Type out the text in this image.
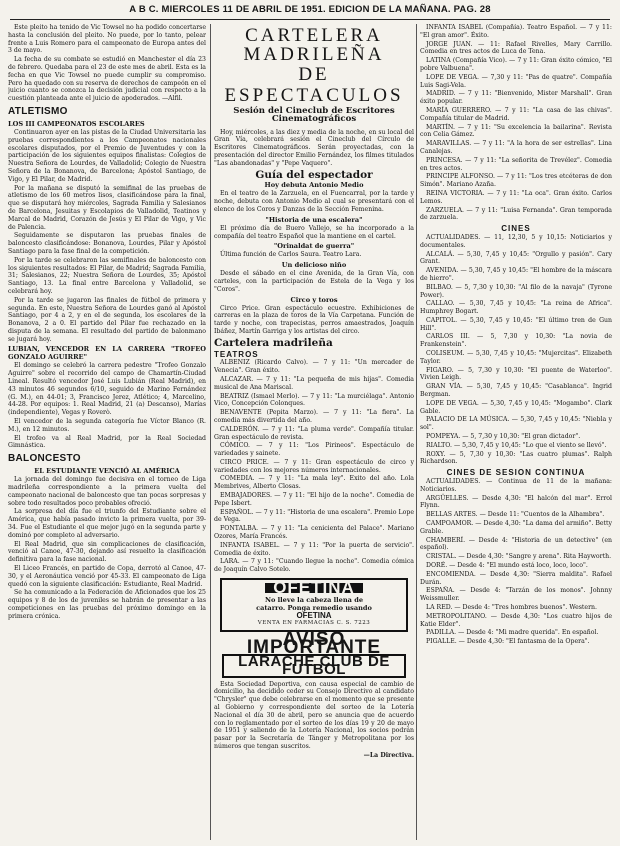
A B C. MIERCOLES 11 DE ABRIL DE 1951. EDICION DE LA MAÑANA. PAG. 28

Este pleito ha tenido de Vic Towsel no ha podido concertarse hasta la conclusión del pleito. No puede, por lo tanto, pelear frente a Luis Romero para el campeonato de Europa antes del 3 de mayo.

La fecha de su combate se estudió en Manchester el día 23 de febrero. Quedaba para el 23 de este mes de abril. Esta es la fecha en que Vic Towsel no puede cumplir su compromiso. Pero ha quedado con su reserva de derechos de campeón en el juicio cuanto se conozca la decisión judicial con respecto a la cuestión planteada ante el juicio de apoderados. —Alfil.

ATLETISMO
LOS III CAMPEONATOS ESCOLARES

Continuaron ayer en las pistas de la Ciudad Universitaria las pruebas correspondientes a los Campeonatos nacionales escolares disputados, por el Premio de Juventudes y con la participación de los siguientes equipos finalistas: Colegios de Nuestra Señora de Lourdes, de Valladolid; Colegio de Nuestra Señora de la Bonanova, de Barcelona; Apóstol Santiago, de Vigo, y El Pilar, de Madrid.

Por la mañana se disputó la semifinal de las pruebas de atletismo de los 60 metros lisos, clasificándose para la final, que se disputará hoy miércoles, Sagrada Familia y Salesianos de Barcelona, Jesuitas y Escolapios de Valladolid, Teatinos y Marcal de Madrid, Corazón de Jesús y El Pilar de Vigo, y Vic de Palencia.

Seguidamente se disputaron las pruebas finales de baloncesto clasificándose: Bonanova, Lourdes, Pilar y Apóstol Santiago para la fase final de la competición.

Por la tarde se celebraron las semifinales de baloncesto con los siguientes resultados: El Pilar, de Madrid; Sagrada Familia, 31; Salesianos, 22; Nuestra Señora de Lourdes, 35; Apóstol Santiago, 13. La final entre Barcelona y Valladolid, se celebrará hoy.

Por la tarde se jugaron las finales de fútbol de primera y segunda. En este, Nuestra Señora de Lourdes ganó al Apóstol Santiago, por 4 a 2, y en el de segunda, los escolares de la Bonanova, 2 a 0. El partido del Pilar fue rechazado en la disputa de la semana. El resultado del partido de balonmano se jugará hoy.

LUBIAN, VENCEDOR EN LA CARRERA "TROFEO GONZALO AGUIRRE"

El domingo se celebró la carrera pedestre "Trofeo Gonzalo Aguirre" sobre el recorrido del campo de Chamartín-Ciudad Lineal. Resultó vencedor José Luis Lubián (Real Madrid), en 43 minutos 46 segundos 6/10, seguido de Marino Fernández (G. M.), en 44-01; 3, Francisco Jerez, Atlético; 4, Marcelino, 44-28. Por equipos: 1. Real Madrid, 21 (a) Descanso), Marías (independiente), Vegas y Roverò.

El vencedor de la segunda categoría fue Víctor Blanco (R. M.), en 12 minutos.

El trofeo va al Real Madrid, por la Real Sociedad Gimnástica.

BALONCESTO
EL ESTUDIANTE VENCIÓ AL AMÉRICA

La jornada del domingo fue decisiva en el torneo de Liga madrileña correspondiente a la primera vuelta del campeonato nacional de baloncesto que tan pocas sorpresas y sobre todo resultados poco probables ofreció.

La sorpresa del día fue el triunfo del Estudiante sobre el América, que había pasado invicto la primera vuelta, por 39-34. Fue el Estudiante el que mejor jugó en la segunda parte y dominó por completo al adversario.

El Real Madrid, que sin complicaciones de clasificación, venció al Canoe, 47-30, dejando así resuelto la clasificación definitiva para la fase nacional.

El Liceo Francés, en partido de Copa, derrotó al Canoe, 47-30, y el Aeronáutica venció por 45-33. El campeonato de Liga quedó con la siguiente clasificación: Estudiante, Real Madrid.

Se ha comunicado a la Federación de Aficionados que los 25 equipos y 8 de los de juveniles se habrán de presentar a las competiciones en las pruebas del próximo domingo en la primera crónica.

CARTELERA MADRILEÑA
DE ESPECTACULOS
Sesión del Cineclub de Escritores Cinematográficos

Hoy, miércoles, a las diez y media de la noche, en su local del Gran Vía, celebrará sesión el Cineclub del Círculo de Escritores Cinematográficos. Serán proyectadas, con la presentación del director Emilio Fernández, los filmes titulados "Las abandonadas" y "Pepe Vaquero".

Guía del espectador
Hoy debuta Antonio Medio

En el teatro de la Zarzuela, en el Fuencarral, por la tarde y noche, debuta con Antonio Medio al cual se presentará con el elenco de los Coros y Danzas de la Sección Femenina.

"Historia de una escalera"

El próximo día de Buero Vallejo, se ha incorporado a la compañía del teatro Español que la mantiene en el cartel.

"Orinaldat de guerra"

Última función de Carlos Saura. Teatro Lara.

Un delicioso niño

Desde el sábado en el cine Avenida, de la Gran Vía, con carteles, con la participación de Estela de la Vega y los "Coros".

Circo y toros

Circo Price. Gran espectáculo ecuestre. Exhibiciones de carreras en la plaza de toros de la Vía Carpetana. Función de tarde y noche, con trapecistas, perros amaestrados, Joaquín Ibáñez, Martín Garriga y los artistas del circo.

Cartelera madrileña
TEATROS

ALBENIZ (Ricardo Calvo). — 7 y 11: "Un mercader de Venecia". Gran éxito.

ALCAZAR. — 7 y 11: "La pequeña de mis hijas". Comedia musical de Ana Mariscal.

BEATRIZ (Ismael Merlo). — 7 y 11: "La murciélaga". Antonio Vico, Concepción Colonques.

BENAVENTE (Pepita Marzo). — 7 y 11: "La fiera". La comedia más divertida del año.

CALDERÓN. — 7 y 11: "La pluma verde". Compañía titular. Gran espectáculo de revista.

CÓMICO. — 7 y 11: "Los Pirineos". Espectáculo de variedades y sainete.

CIRCO PRICE. — 7 y 11: Gran espectáculo de circo y variedades con los mejores números internacionales.

COMEDIA. — 7 y 11: "La mala ley". Exito del año. Lola Membrives, Alberto Closas.

EMBAJADORES. — 7 y 11: "El hijo de la noche". Comedia de Pepe Isbert.

ESPAÑOL. — 7 y 11: "Historia de una escalera". Premio Lope de Vega.

FONTALBA. — 7 y 11: "La cenicienta del Palace". Mariano Ozores, María Francés.

INFANTA ISABEL. — 7 y 11: "Por la puerta de servicio". Comedia de éxito.

LARA. — 7 y 11: "Cuando llegue la noche". Comedia cómica de Joaquín Calvo Sotelo.

OFETINA
No lleve la cabeza llena de
catarro. Ponga remedio usando
OFETINA
VENTA EN FARMACIAS C. S. 7223
AVISO IMPORTANTE
LARACHE CLUB DE FUTBOL

Esta Sociedad Deportiva, con causa especial de cambio de domicilio, ha decidido ceder su Consejo Directivo al candidato "Chrysler" que debe celebrarse en el momento que se presente al Gobierno y correspondiente del sorteo de la Lotería Nacional el día 30 de abril, pero se anuncia que de acuerdo con lo reglamentado por el sorteo de los días 19 y 20 de mayo de 1951 y saliendo de la Lotería Nacional, los socios podrán pasar por la Secretaría de Tánger y Metropolitana por los números que tengan suscritos.

—La Directiva.

INFANTA ISABEL (Compañía). Teatro Español. — 7 y 11: "El gran amor". Éxito.

JORGE JUAN. — 11: Rafael Rivelles, Mary Carrillo. Comedia en tres actos de Luca de Tena.

LATINA (Compañía Vico). — 7 y 11: Gran éxito cómico, "El pobre Valbuena".

LOPE DE VEGA. — 7,30 y 11: "Pas de quatre". Compañía Luis Sagi-Vela.

MADRID. — 7 y 11: "Bienvenido, Mister Marshall". Gran éxito popular.

MARÍA GUERRERO. — 7 y 11: "La casa de las chivas". Compañía titular de Madrid.

MARTÍN. — 7 y 11: "Su excelencia la bailarina". Revista con Celia Gámez.

MARAVILLAS. — 7 y 11: "A la hora de ser estrellas". Lina Canalejas.

PRINCESA. — 7 y 11: "La señorita de Trevélez". Comedia en tres actos.

PRINCIPE ALFONSO. — 7 y 11: "Los tres etcéteras de don Simón". Mariano Azaña.

REINA VICTORIA. — 7 y 11: "La oca". Gran éxito. Carlos Lemos.

ZARZUELA. — 7 y 11: "Luisa Fernanda". Gran temporada de zarzuela.

CINES

ACTUALIDADES. — 11, 12,30, 5 y 10,15: Noticiarios y documentales.

ALCALÁ. — 5,30, 7,45 y 10,45: "Orgullo y pasión". Cary Grant.

AVENIDA. — 5,30, 7,45 y 10,45: "El hombre de la máscara de hierro".

BILBAO. — 5, 7,30 y 10,30: "Al filo de la navaja" (Tyrone Power).

CALLAO. — 5,30, 7,45 y 10,45: "La reina de Africa". Humphrey Bogart.

CAPITOL. — 5,30, 7,45 y 10,45: "El último tren de Gun Hill".

CARLOS III. — 5, 7,30 y 10,30: "La novia de Frankenstein".

COLISEUM. — 5,30, 7,45 y 10,45: "Mujercitas". Elizabeth Taylor.

FIGARO. — 5, 7,30 y 10,30: "El puente de Waterloo". Vivien Leigh.

GRAN VÍA. — 5,30, 7,45 y 10,45: "Casablanca". Ingrid Bergman.

LOPE DE VEGA. — 5,30, 7,45 y 10,45: "Mogambo". Clark Gable.

PALACIO DE LA MÚSICA. — 5,30, 7,45 y 10,45: "Niebla y sol".

POMPEYA. — 5, 7,30 y 10,30: "El gran dictador".

RIALTO. — 5,30, 7,45 y 10,45: "Lo que el viento se llevó".

ROXY. — 5, 7,30 y 10,30: "Las cuatro plumas". Ralph Richardson.

CINES DE SESION CONTINUA

ACTUALIDADES. — Continua de 11 de la mañana: Noticiarios.

ARGÜELLES. — Desde 4,30: "El halcón del mar". Errol Flynn.

BELLAS ARTES. — Desde 11: "Cuentos de la Alhambra".

CAMPOAMOR. — Desde 4,30: "La dama del armiño". Betty Grable.

CHAMBERÍ. — Desde 4: "Historia de un detective" (en español).

CRISTAL. — Desde 4,30: "Sangre y arena". Rita Hayworth.

DORÉ. — Desde 4: "El mundo está loco, loco, loco".

ENCOMIENDA. — Desde 4,30: "Sierra maldita". Rafael Durán.

ESPAÑA. — Desde 4: "Tarzán de los monos". Johnny Weissmuller.

LA RED. — Desde 4: "Tres hombres buenos". Western.

METROPOLITANO. — Desde 4,30: "Los cuatro hijos de Katie Elder".

PADILLA. — Desde 4: "Mi madre querida". En español.

PIGALLE. — Desde 4,30: "El fantasma de la Opera".
